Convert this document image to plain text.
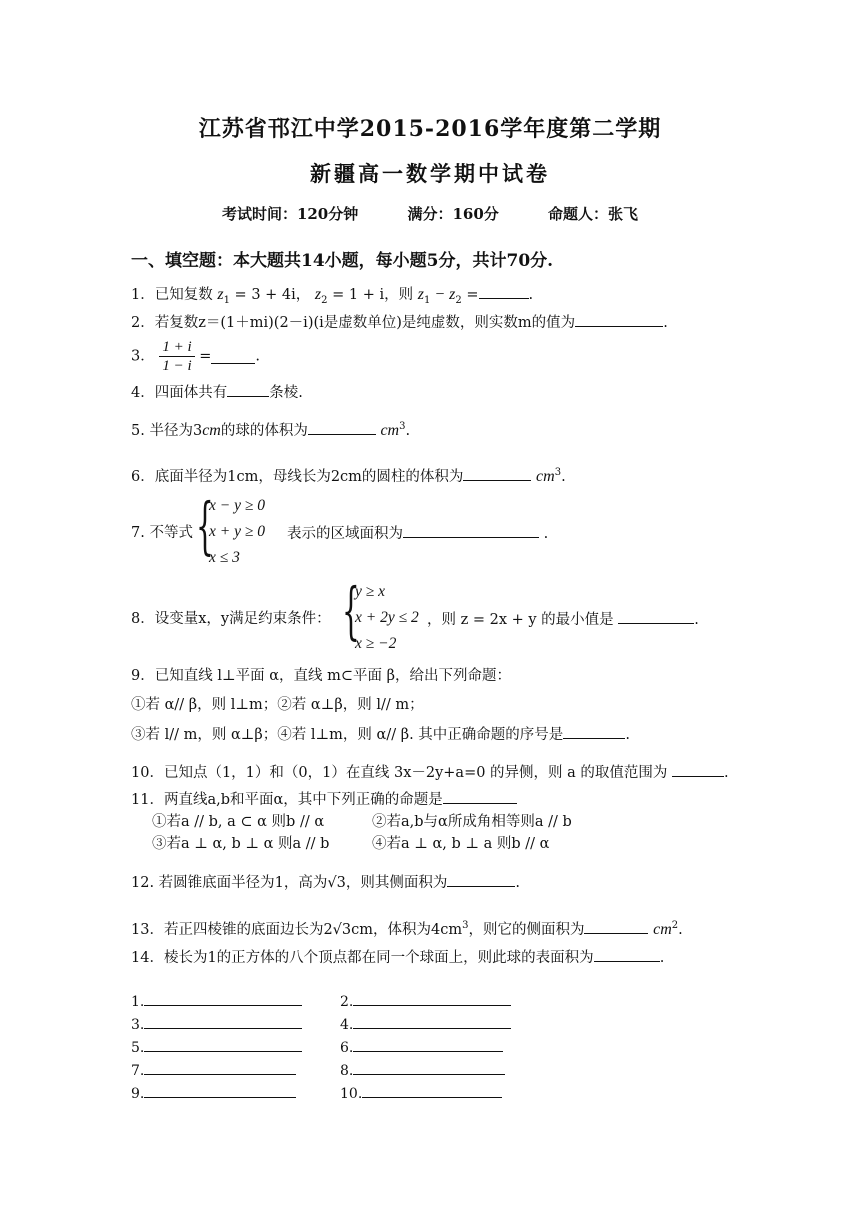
江苏省邗江中学2015-2016学年度第二学期
新疆高一数学期中试卷
考试时间：120分钟	满分：160分	命题人：张飞
一、填空题：本大题共14小题，每小题5分，共计70分.
1．已知复数 $z_1 = 3 + 4i$， $z_2 = 1 + i$，则 $z_1 - z_2$ =	.
2．若复数z＝(1＋mi)(2－i)(i是虚数单位)是纯虚数，则实数m的值为	.
3． $\frac{1 + i}{1 - i}$ =	.
4．四面体共有	条棱.
5. 半径为3cm的球的体积为	$cm^3$.
6．底面半径为1cm，母线长为2cm的圆柱的体积为	$cm^3$.
7. 不等式 {
x − y ≥ 0
x + y ≥ 0
x ≤ 3
表示的区域面积为	.
8．设变量x，y满足约束条件： {
y ≥ x
x + 2y ≤ 2
x ≥ −2
，则 z = 2x + y 的最小值是	.
9．已知直线 l⊥平面 α，直线 m⊂平面 β，给出下列命题：
①若 α// β，则 l⊥m；②若 α⊥β，则 l// m；
③若 l// m，则 α⊥β；④若 l⊥m，则 α// β. 其中正确命题的序号是	.
10．已知点（1，1）和（0，1）在直线 3x－2y+a=0 的异侧，则 a 的取值范围为	.
11．两直线a,b和平面α，其中下列正确的命题是
①若a // b, a ⊂ α 则b // α	②若a,b与α所成角相等则a // b
③若a ⊥ α, b ⊥ α 则a // b	④若a ⊥ α, b ⊥ a 则b // α
12. 若圆锥底面半径为1，高为√3，则其侧面积为	.
13．若正四棱锥的底面边长为2√3cm，体积为$4cm^3$，则它的侧面积为	$cm^2$.
14．棱长为1的正方体的八个顶点都在同一个球面上，则此球的表面积为	.
1.	2.
3.	4.
5.	6.
7.	8.
9.	10.
